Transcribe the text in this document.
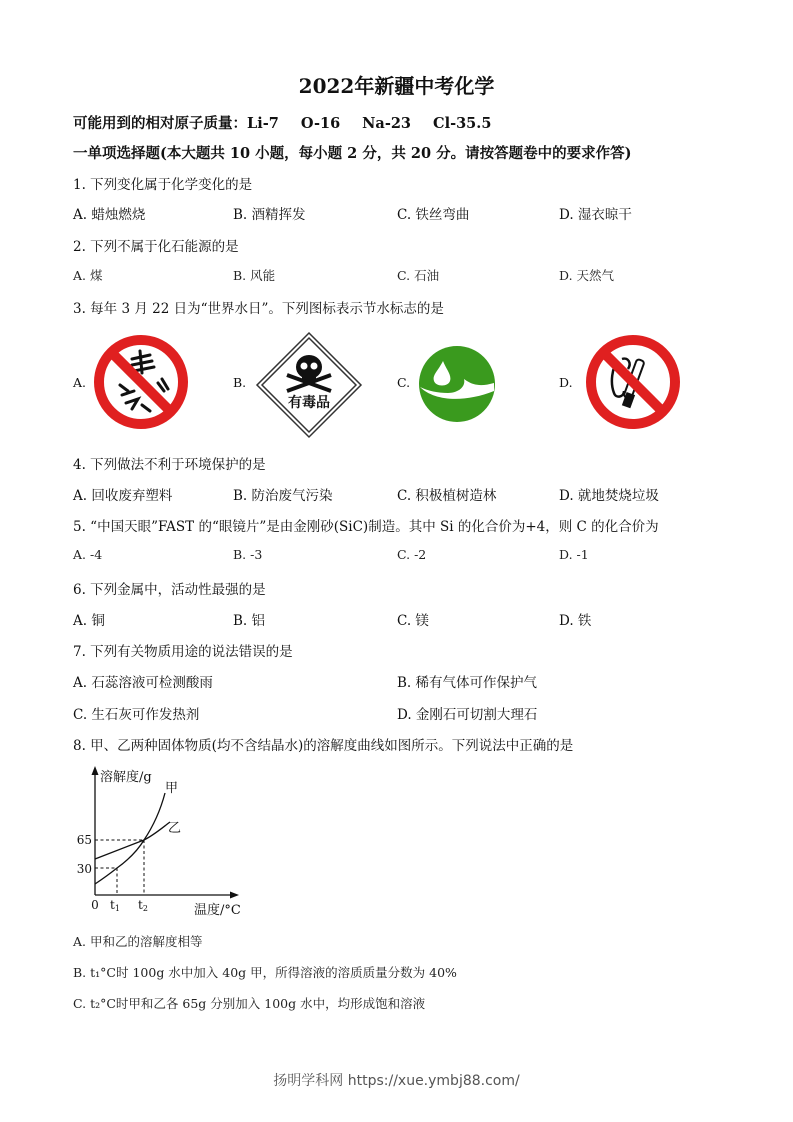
2022年新疆中考化学
可能用到的相对原子质量：Li-7 O-16 Na-23 Cl-35.5
一单项选择题(本大题共 10 小题，每小题 2 分，共 20 分。请按答题卷中的要求作答)
1. 下列变化属于化学变化的是
A. 蜡烛燃烧	B. 酒精挥发	C. 铁丝弯曲	D. 湿衣晾干
2. 下列不属于化石能源的是
A. 煤	B. 风能	C. 石油	D. 天然气
3. 每年 3 月 22 日为“世界水日”。下列图标表示节水标志的是
A.	B.
有毒品
C.	D.
4. 下列做法不利于环境保护的是
A. 回收废弃塑料	B. 防治废气污染	C. 积极植树造林	D. 就地焚烧垃圾
5. “中国天眼”FAST 的“眼镜片”是由金刚砂(SiC)制造。其中 Si 的化合价为+4，则 C 的化合价为
A. -4	B. -3	C. -2	D. -1
6. 下列金属中，活动性最强的是
A. 铜	B. 铝	C. 镁	D. 铁
7. 下列有关物质用途的说法错误的是
A. 石蕊溶液可检测酸雨	B. 稀有气体可作保护气
C. 生石灰可作发热剂	D. 金刚石可切割大理石
8. 甲、乙两种固体物质(均不含结晶水)的溶解度曲线如图所示。下列说法中正确的是
溶解度/g
甲
乙
65
30
0 t1 t2	温度/°C
A. 甲和乙的溶解度相等
B. t₁°C时 100g 水中加入 40g 甲，所得溶液的溶质质量分数为 40%
C. t₂°C时甲和乙各 65g 分别加入 100g 水中，均形成饱和溶液
扬明学科网 https://xue.ymbj88.com/
